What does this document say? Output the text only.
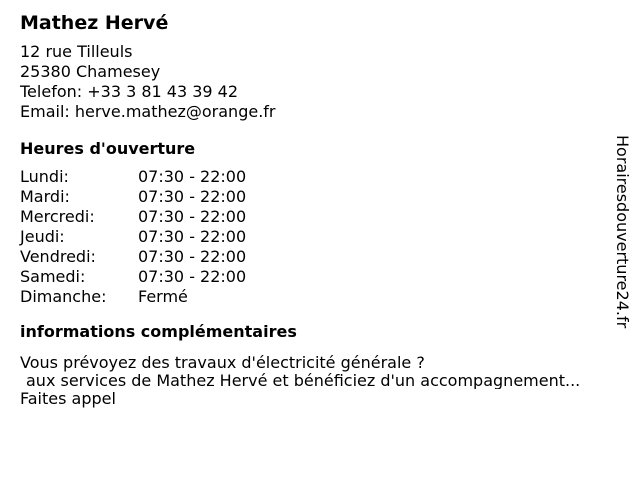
Mathez Hervé
12 rue Tilleuls
25380 Chamesey
Telefon: +33 3 81 43 39 42
Email: herve.mathez@orange.fr
Heures d'ouverture
Lundi:	07:30 - 22:00
Mardi:	07:30 - 22:00
Mercredi:	07:30 - 22:00
Jeudi:	07:30 - 22:00
Vendredi:	07:30 - 22:00
Samedi:	07:30 - 22:00
Dimanche:	Fermé
informations complémentaires
Vous prévoyez des travaux d'électricité générale ?
aux services de Mathez Hervé et bénéficiez d'un accompagnement...
Faites appel
Horairesdouverture24.fr
